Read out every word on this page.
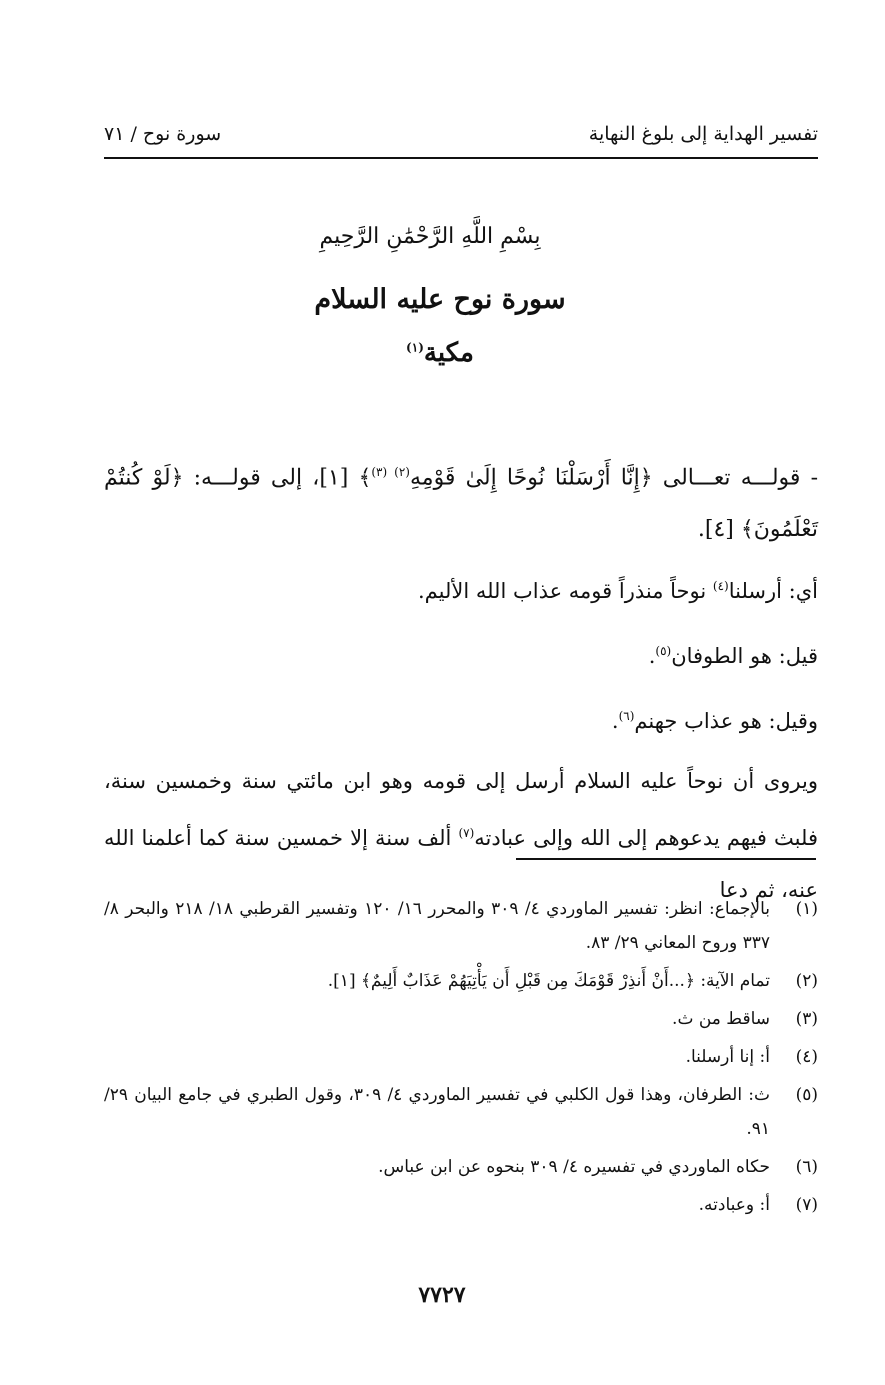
تفسير الهداية إلى بلوغ النهاية
سورة نوح / ٧١
بِسْمِ اللَّهِ الرَّحْمَٰنِ الرَّحِيمِ
سورة نوح عليه السلام
مكية$^{(١)}$

- قولـــه تعـــالى ﴿إِنَّا أَرْسَلْنَا نُوحًا إِلَىٰ قَوْمِهِ$^{(٢) (٣)}$﴾ [١]، إلى قولـــه: ﴿لَوْ كُنتُمْ تَعْلَمُونَ﴾ [٤].

أي: أرسلنا$^{(٤)}$ نوحاً منذراً قومه عذاب الله الأليم.

قيل: هو الطوفان$^{(٥)}$.

وقيل: هو عذاب جهنم$^{(٦)}$.

ويروى أن نوحاً عليه السلام أرسل إلى قومه وهو ابن مائتي سنة وخمسين سنة، فلبث فيهم يدعوهم إلى الله وإلى عبادته$^{(٧)}$ ألف سنة إلا خمسين سنة كما أعلمنا الله عنه، ثم دعا

(١)
بالإجماع: انظر: تفسير الماوردي ٤/ ٣٠٩ والمحرر ١٦/ ١٢٠ وتفسير القرطبي ١٨/ ٢١٨ والبحر ٨/ ٣٣٧ وروح المعاني ٢٩/ ٨٣.
(٢)
تمام الآية: ﴿...أَنْ أَنذِرْ قَوْمَكَ مِن قَبْلِ أَن يَأْتِيَهُمْ عَذَابٌ أَلِيمٌ﴾ [١].
(٣)
ساقط من ث.
(٤)
أ: إنا أرسلنا.
(٥)
ث: الطرفان، وهذا قول الكلبي في تفسير الماوردي ٤/ ٣٠٩، وقول الطبري في جامع البيان ٢٩/ ٩١.
(٦)
حكاه الماوردي في تفسيره ٤/ ٣٠٩ بنحوه عن ابن عباس.
(٧)
أ: وعبادته.
٧٧٢٧
